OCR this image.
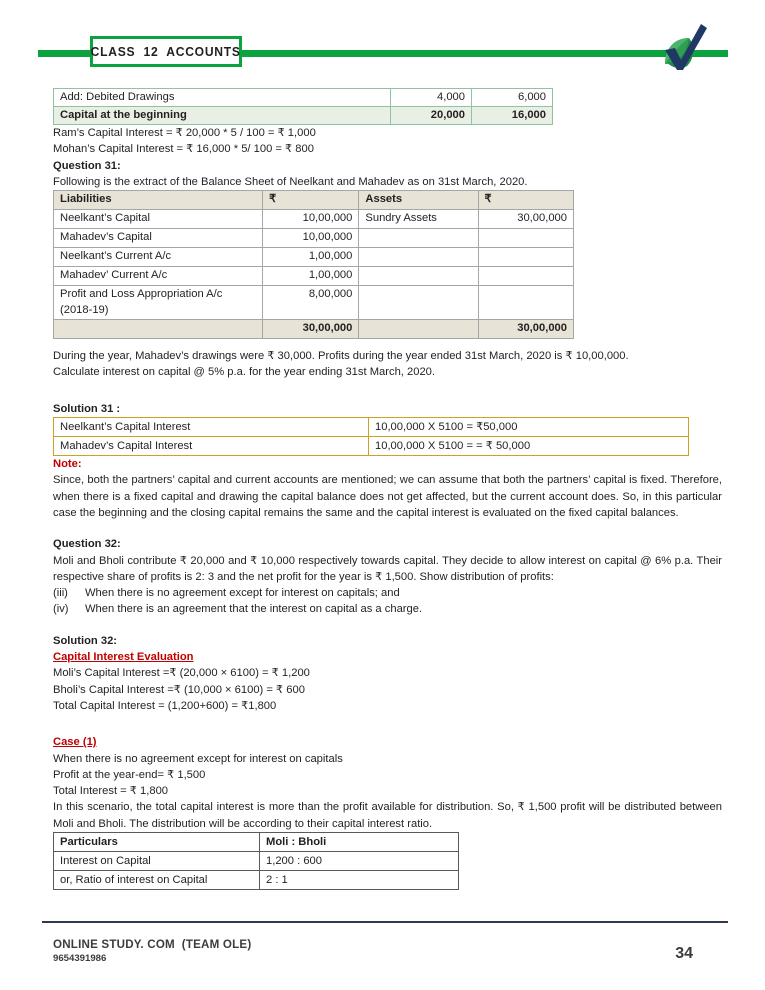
CLASS  12  ACCOUNTS
Add: Debited Drawings	4,000	6,000
Capital at the beginning	20,000	16,000

Ram’s Capital Interest = ₹ 20,000 * 5 / 100 = ₹ 1,000

Mohan’s Capital Interest = ₹ 16,000 * 5/ 100 = ₹ 800

Question 31:

Following is the extract of the Balance Sheet of Neelkant and Mahadev as on 31st March, 2020.

Liabilities	₹	Assets	₹
Neelkant’s Capital	10,00,000	Sundry Assets	30,00,000
Mahadev’s Capital	10,00,000		
Neelkant’s Current A/c	1,00,000		
Mahadev’ Current A/c	1,00,000		

Profit and Loss Appropriation A/c
(2018-19)	8,00,000		
	30,00,000		30,00,000

During the year, Mahadev’s drawings were ₹ 30,000. Profits during the year ended 31st March, 2020 is ₹ 10,00,000.

Calculate interest on capital @ 5% p.a. for the year ending 31st March, 2020.

Solution 31 :

Neelkant’s Capital Interest	10,00,000 X 5100 = ₹50,000
Mahadev’s Capital Interest	10,00,000 X 5100 = = ₹ 50,000

Note:

Since, both the partners’ capital and current accounts are mentioned; we can assume that both the partners’ capital is fixed. Therefore, when there is a fixed capital and drawing the capital balance does not get affected, but the current account does. So, in this particular case the beginning and the closing capital remains the same and the capital interest is evaluated on the fixed capital balances.

Question 32:

Moli and Bholi contribute ₹ 20,000 and ₹ 10,000 respectively towards capital. They decide to allow interest on capital @ 6% p.a. Their respective share of profits is 2: 3 and the net profit for the year is ₹ 1,500. Show distribution of profits:

(iii) When there is no agreement except for interest on capitals; and

(iv) When there is an agreement that the interest on capital as a charge.

Solution 32:

Capital Interest Evaluation

Moli’s Capital Interest =₹ (20,000 × 6100) = ₹ 1,200

Bholi’s Capital Interest =₹ (10,000 × 6100) = ₹ 600

Total Capital Interest = (1,200+600) = ₹1,800

Case (1)

When there is no agreement except for interest on capitals

Profit at the year-end= ₹ 1,500

Total Interest = ₹ 1,800

In this scenario, the total capital interest is more than the profit available for distribution. So, ₹ 1,500 profit will be distributed between Moli and Bholi. The distribution will be according to their capital interest ratio.

Particulars	Moli : Bholi
Interest on Capital	1,200 : 600
or, Ratio of interest on Capital	2 : 1
ONLINE STUDY. COM  (TEAM OLE)
9654391986	34
